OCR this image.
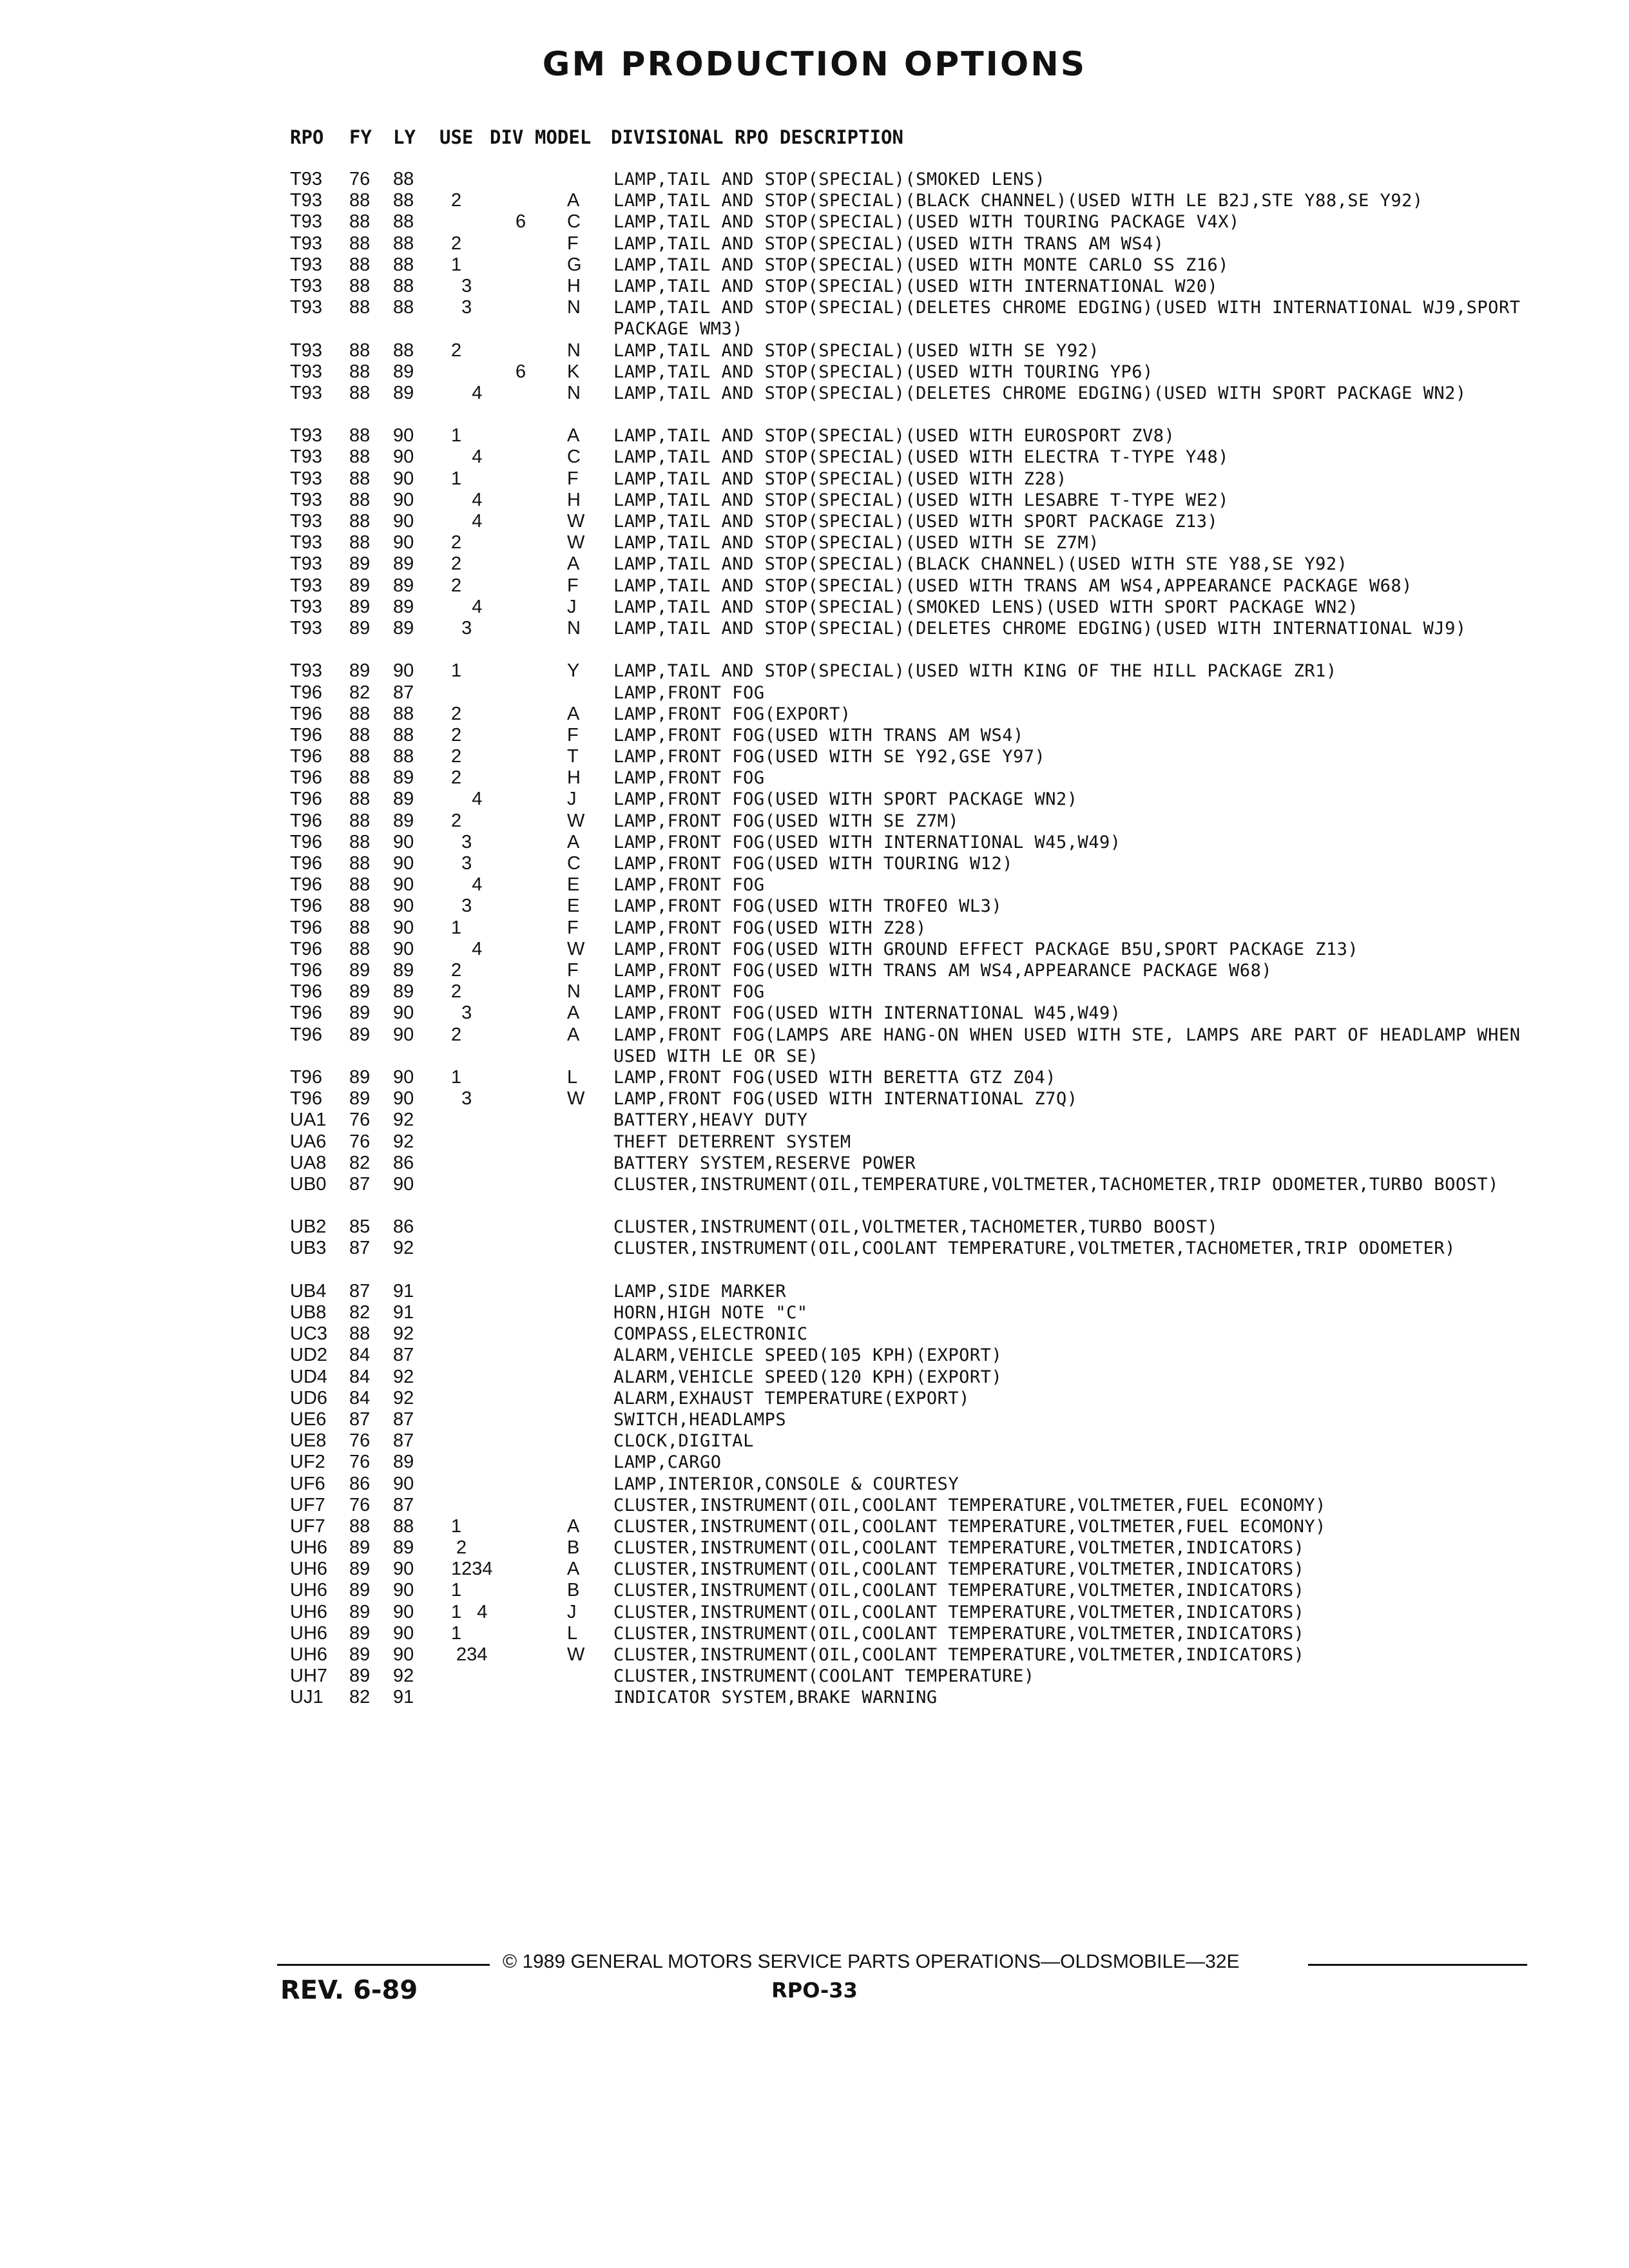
GM PRODUCTION OPTIONS
RPO FY LY USE DIV MODEL DIVISIONAL RPO DESCRIPTION
T93 76 88	LAMP,TAIL AND STOP(SPECIAL)(SMOKED LENS)
T93 88 88 2	A LAMP,TAIL AND STOP(SPECIAL)(BLACK CHANNEL)(USED WITH LE B2J,STE Y88,SE Y92)
T93 88 88	6 C LAMP,TAIL AND STOP(SPECIAL)(USED WITH TOURING PACKAGE V4X)
T93 88 88 2	F LAMP,TAIL AND STOP(SPECIAL)(USED WITH TRANS AM WS4)
T93 88 88 1	G LAMP,TAIL AND STOP(SPECIAL)(USED WITH MONTE CARLO SS Z16)
T93 88 88 3	H LAMP,TAIL AND STOP(SPECIAL)(USED WITH INTERNATIONAL W20)
T93 88 88 3	N LAMP,TAIL AND STOP(SPECIAL)(DELETES CHROME EDGING)(USED WITH INTERNATIONAL WJ9,SPORT PACKAGE WM3)
T93 88 88 2	N LAMP,TAIL AND STOP(SPECIAL)(USED WITH SE Y92)
T93 88 89	6 K LAMP,TAIL AND STOP(SPECIAL)(USED WITH TOURING YP6)
T93 88 89 4	N LAMP,TAIL AND STOP(SPECIAL)(DELETES CHROME EDGING)(USED WITH SPORT PACKAGE WN2)
T93 88 90 1	A LAMP,TAIL AND STOP(SPECIAL)(USED WITH EUROSPORT ZV8)
T93 88 90 4	C LAMP,TAIL AND STOP(SPECIAL)(USED WITH ELECTRA T-TYPE Y48)
T93 88 90 1	F LAMP,TAIL AND STOP(SPECIAL)(USED WITH Z28)
T93 88 90 4	H LAMP,TAIL AND STOP(SPECIAL)(USED WITH LESABRE T-TYPE WE2)
T93 88 90 4	W LAMP,TAIL AND STOP(SPECIAL)(USED WITH SPORT PACKAGE Z13)
T93 88 90 2	W LAMP,TAIL AND STOP(SPECIAL)(USED WITH SE Z7M)
T93 89 89 2	A LAMP,TAIL AND STOP(SPECIAL)(BLACK CHANNEL)(USED WITH STE Y88,SE Y92)
T93 89 89 2	F LAMP,TAIL AND STOP(SPECIAL)(USED WITH TRANS AM WS4,APPEARANCE PACKAGE W68)
T93 89 89 4	J LAMP,TAIL AND STOP(SPECIAL)(SMOKED LENS)(USED WITH SPORT PACKAGE WN2)
T93 89 89 3	N LAMP,TAIL AND STOP(SPECIAL)(DELETES CHROME EDGING)(USED WITH INTERNATIONAL WJ9)
T93 89 90 1	Y LAMP,TAIL AND STOP(SPECIAL)(USED WITH KING OF THE HILL PACKAGE ZR1)
T96 82 87	LAMP,FRONT FOG
T96 88 88 2	A LAMP,FRONT FOG(EXPORT)
T96 88 88 2	F LAMP,FRONT FOG(USED WITH TRANS AM WS4)
T96 88 88 2	T LAMP,FRONT FOG(USED WITH SE Y92,GSE Y97)
T96 88 89 2	H LAMP,FRONT FOG
T96 88 89 4	J LAMP,FRONT FOG(USED WITH SPORT PACKAGE WN2)
T96 88 89 2	W LAMP,FRONT FOG(USED WITH SE Z7M)
T96 88 90 3	A LAMP,FRONT FOG(USED WITH INTERNATIONAL W45,W49)
T96 88 90 3	C LAMP,FRONT FOG(USED WITH TOURING W12)
T96 88 90 4	E LAMP,FRONT FOG
T96 88 90 3	E LAMP,FRONT FOG(USED WITH TROFEO WL3)
T96 88 90 1	F LAMP,FRONT FOG(USED WITH Z28)
T96 88 90 4	W LAMP,FRONT FOG(USED WITH GROUND EFFECT PACKAGE B5U,SPORT PACKAGE Z13)
T96 89 89 2	F LAMP,FRONT FOG(USED WITH TRANS AM WS4,APPEARANCE PACKAGE W68)
T96 89 89 2	N LAMP,FRONT FOG
T96 89 90 3	A LAMP,FRONT FOG(USED WITH INTERNATIONAL W45,W49)
T96 89 90 2	A LAMP,FRONT FOG(LAMPS ARE HANG-ON WHEN USED WITH STE, LAMPS ARE PART OF HEADLAMP WHEN USED WITH LE OR SE)
T96 89 90 1	L LAMP,FRONT FOG(USED WITH BERETTA GTZ Z04)
T96 89 90 3	W LAMP,FRONT FOG(USED WITH INTERNATIONAL Z7Q)
UA1 76 92	BATTERY,HEAVY DUTY
UA6 76 92	THEFT DETERRENT SYSTEM
UA8 82 86	BATTERY SYSTEM,RESERVE POWER
UB0 87 90	CLUSTER,INSTRUMENT(OIL,TEMPERATURE,VOLTMETER,TACHOMETER,TRIP ODOMETER,TURBO BOOST)
UB2 85 86	CLUSTER,INSTRUMENT(OIL,VOLTMETER,TACHOMETER,TURBO BOOST)
UB3 87 92	CLUSTER,INSTRUMENT(OIL,COOLANT TEMPERATURE,VOLTMETER,TACHOMETER,TRIP ODOMETER)
UB4 87 91	LAMP,SIDE MARKER
UB8 82 91	HORN,HIGH NOTE "C"
UC3 88 92	COMPASS,ELECTRONIC
UD2 84 87	ALARM,VEHICLE SPEED(105 KPH)(EXPORT)
UD4 84 92	ALARM,VEHICLE SPEED(120 KPH)(EXPORT)
UD6 84 92	ALARM,EXHAUST TEMPERATURE(EXPORT)
UE6 87 87	SWITCH,HEADLAMPS
UE8 76 87	CLOCK,DIGITAL
UF2 76 89	LAMP,CARGO
UF6 86 90	LAMP,INTERIOR,CONSOLE & COURTESY
UF7 76 87	CLUSTER,INSTRUMENT(OIL,COOLANT TEMPERATURE,VOLTMETER,FUEL ECONOMY)
UF7 88 88 1	A CLUSTER,INSTRUMENT(OIL,COOLANT TEMPERATURE,VOLTMETER,FUEL ECOMONY)
UH6 89 89 2	B CLUSTER,INSTRUMENT(OIL,COOLANT TEMPERATURE,VOLTMETER,INDICATORS)
UH6 89 90 1234	A CLUSTER,INSTRUMENT(OIL,COOLANT TEMPERATURE,VOLTMETER,INDICATORS)
UH6 89 90 1	B CLUSTER,INSTRUMENT(OIL,COOLANT TEMPERATURE,VOLTMETER,INDICATORS)
UH6 89 90 1   4	J CLUSTER,INSTRUMENT(OIL,COOLANT TEMPERATURE,VOLTMETER,INDICATORS)
UH6 89 90 1	L CLUSTER,INSTRUMENT(OIL,COOLANT TEMPERATURE,VOLTMETER,INDICATORS)
UH6 89 90 234	W CLUSTER,INSTRUMENT(OIL,COOLANT TEMPERATURE,VOLTMETER,INDICATORS)
UH7 89 92	CLUSTER,INSTRUMENT(COOLANT TEMPERATURE)
UJ1 82 91	INDICATOR SYSTEM,BRAKE WARNING
© 1989 GENERAL MOTORS SERVICE PARTS OPERATIONS—OLDSMOBILE—32E
REV. 6-89	RPO-33
